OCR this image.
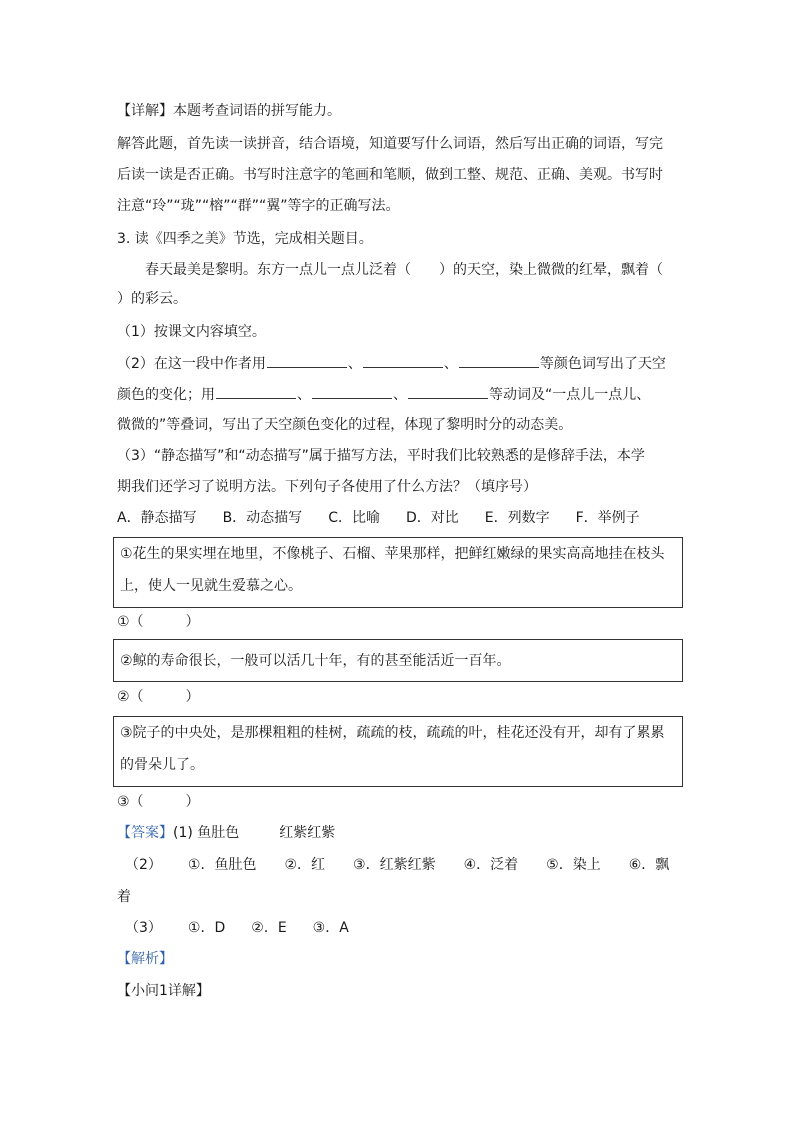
【详解】本题考查词语的拼写能力。
解答此题，首先读一读拼音，结合语境，知道要写什么词语，然后写出正确的词语，写完
后读一读是否正确。书写时注意字的笔画和笔顺，做到工整、规范、正确、美观。书写时
注意“玲”“珑”“榕”“群”“翼”等字的正确写法。
3. 读《四季之美》节选，完成相关题目。
春天最美是黎明。东方一点儿一点儿泛着（　　）的天空，染上微微的红晕，飘着（
）的彩云。
（1）按课文内容填空。
（2）在这一段中作者用	、	、	等颜色词写出了天空
颜色的变化；用	、	、	等动词及“一点儿一点儿、
微微的”等叠词，写出了天空颜色变化的过程，体现了黎明时分的动态美。
（3）“静态描写”和“动态描写”属于描写方法，平时我们比较熟悉的是修辞手法，本学
期我们还学习了说明方法。下列句子各使用了什么方法？（填序号）
A．静态描写 B．动态描写 C．比喻 D．对比 E．列数字 F．举例子
①花生的果实埋在地里，不像桃子、石榴、苹果那样，把鲜红嫩绿的果实高高地挂在枝头
上，使人一见就生爱慕之心。
①（　　　）
②鲸的寿命很长，一般可以活几十年，有的甚至能活近一百年。
②（　　　）
③院子的中央处，是那棵粗粗的桂树，疏疏的枝，疏疏的叶，桂花还没有开，却有了累累
的骨朵儿了。
③（　　　）
【答案】(1) 鱼肚色	红紫红紫
（2） ①．鱼肚色 ②．红 ③．红紫红紫 ④．泛着 ⑤．染上 ⑥．飘
着
（3） ①．D ②．E ③．A
【解析】
【小问1详解】
